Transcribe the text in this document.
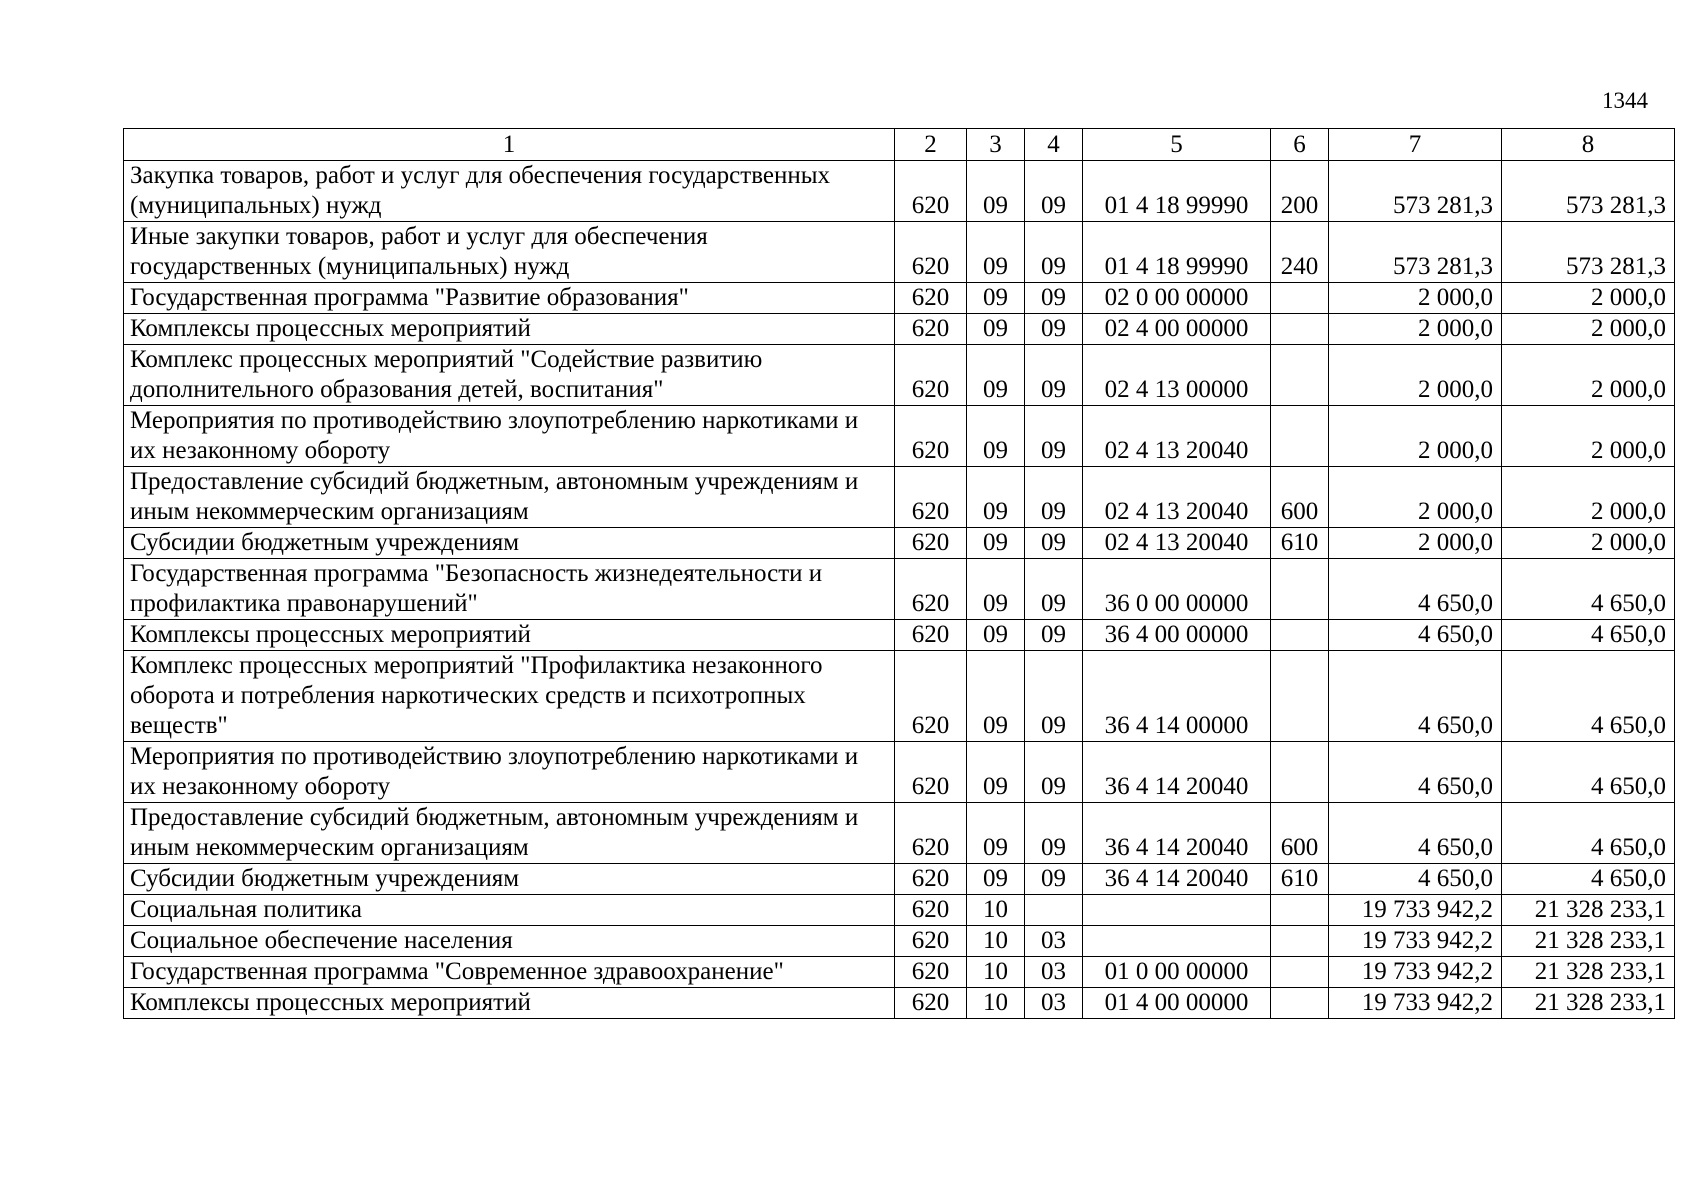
1344
1	2	3	4	5	6	7	8
Закупка товаров, работ и услуг для обеспечения государственных (муниципальных) нужд	620	09	09	01 4 18 99990	200	573 281,3	573 281,3
Иные закупки товаров, работ и услуг для обеспечения государственных (муниципальных) нужд	620	09	09	01 4 18 99990	240	573 281,3	573 281,3
Государственная программа "Развитие образования"	620	09	09	02 0 00 00000		2 000,0	2 000,0
Комплексы процессных мероприятий	620	09	09	02 4 00 00000		2 000,0	2 000,0
Комплекс процессных мероприятий "Содействие развитию дополнительного образования детей, воспитания"	620	09	09	02 4 13 00000		2 000,0	2 000,0
Мероприятия по противодействию злоупотреблению наркотиками и их незаконному обороту	620	09	09	02 4 13 20040		2 000,0	2 000,0
Предоставление субсидий бюджетным, автономным учреждениям и иным некоммерческим организациям	620	09	09	02 4 13 20040	600	2 000,0	2 000,0
Субсидии бюджетным учреждениям	620	09	09	02 4 13 20040	610	2 000,0	2 000,0
Государственная программа "Безопасность жизнедеятельности и профилактика правонарушений"	620	09	09	36 0 00 00000		4 650,0	4 650,0
Комплексы процессных мероприятий	620	09	09	36 4 00 00000		4 650,0	4 650,0
Комплекс процессных мероприятий "Профилактика незаконного оборота и потребления наркотических средств и психотропных веществ"	620	09	09	36 4 14 00000		4 650,0	4 650,0
Мероприятия по противодействию злоупотреблению наркотиками и их незаконному обороту	620	09	09	36 4 14 20040		4 650,0	4 650,0
Предоставление субсидий бюджетным, автономным учреждениям и иным некоммерческим организациям	620	09	09	36 4 14 20040	600	4 650,0	4 650,0
Субсидии бюджетным учреждениям	620	09	09	36 4 14 20040	610	4 650,0	4 650,0
Социальная политика	620	10				19 733 942,2	21 328 233,1
Социальное обеспечение населения	620	10	03			19 733 942,2	21 328 233,1
Государственная программа "Современное здравоохранение"	620	10	03	01 0 00 00000		19 733 942,2	21 328 233,1
Комплексы процессных мероприятий	620	10	03	01 4 00 00000		19 733 942,2	21 328 233,1
